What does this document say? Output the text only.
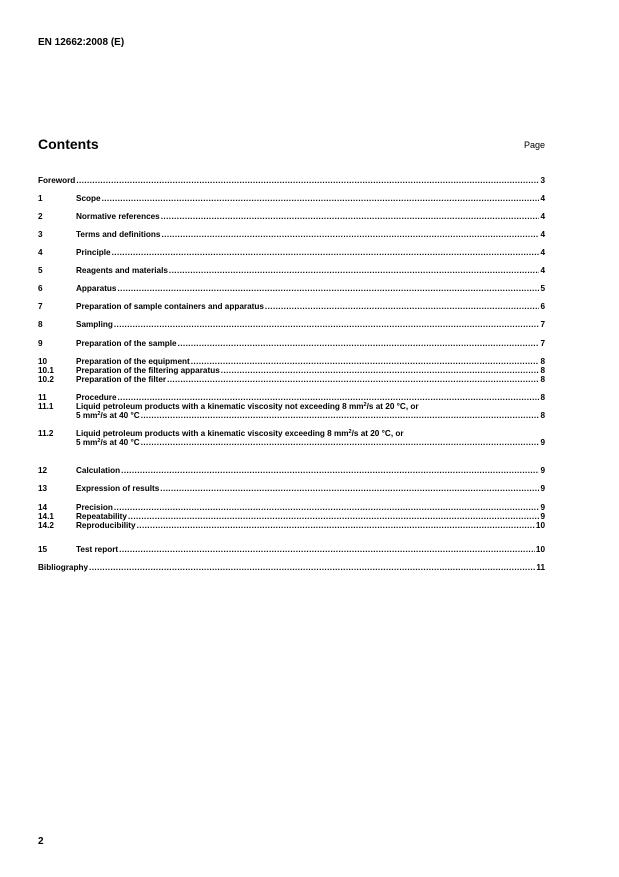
EN 12662:2008 (E)
Contents	Page
Foreword .....	3
1	Scope .....	4
2	Normative references .....	4
3	Terms and definitions .....	4
4	Principle .....	4
5	Reagents and materials .....	4
6	Apparatus .....	5
7	Preparation of sample containers and apparatus .....	6
8	Sampling .....	7
9	Preparation of the sample .....	7
10	Preparation of the equipment .....	8
10.1	Preparation of the filtering apparatus .....	8
10.2	Preparation of the filter .....	8
11	Procedure .....	8
11.1	Liquid petroleum products with a kinematic viscosity not exceeding 8 $mm^2/s$ at 20 °C, or
5 $mm^2/s$ at 40 °C .....	8
11.2	Liquid petroleum products with a kinematic viscosity exceeding 8 $mm^2/s$ at 20 °C, or
5 $mm^2/s$ at 40 °C .....	9
12	Calculation .....	9
13	Expression of results .....	9
14	Precision .....	9
14.1	Repeatability .....	9
14.2	Reproducibility .....	10
15	Test report .....	10
Bibliography .....	11
2
